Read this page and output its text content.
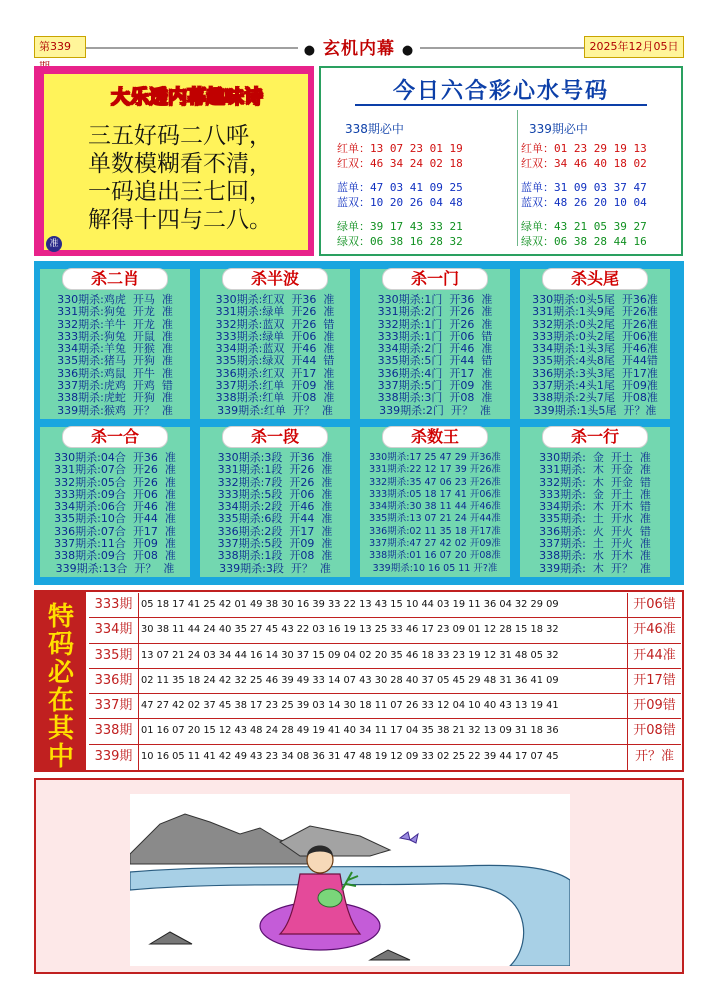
第339	● 玄机内幕 ●	2025年12月05日
大乐透内幕趣味诗
三五好码二八呼，
单数模糊看不清，
一码追出三七回，
解得十四与二八。
准
今日六合彩心水号码
338期必中
红单：13 07 23 01 19
红双：46 34 24 02 18
蓝单：47 03 41 09 25
蓝双：10 20 26 04 48
绿单：39 17 43 33 21
绿双：06 38 16 28 32
339期必中
红单：01 23 29 19 13
红双：34 46 40 18 02
蓝单：31 09 03 37 47
蓝双：48 26 20 10 04
绿单：43 21 05 39 27
绿双：06 38 28 44 16
杀二肖
330期杀:鸡虎  开马  准
331期杀:狗兔  开龙  准
332期杀:羊牛  开龙  准
333期杀:狗兔  开鼠  准
334期杀:羊兔  开猴  准
335期杀:猪马  开狗  准
336期杀:鸡鼠  开牛  准
337期杀:虎鸡  开鸡  错
338期杀:虎蛇  开狗  准
339期杀:猴鸡  开？  准
杀半波
330期杀:红双  开36  准
331期杀:绿单  开26  准
332期杀:蓝双  开26  错
333期杀:绿单  开06  准
334期杀:蓝双  开46  准
335期杀:绿双  开44  错
336期杀:红双  开17  准
337期杀:红单  开09  准
338期杀:红单  开08  准
339期杀:红单  开？  准
杀一门
330期杀:1门  开36  准
331期杀:2门  开26  准
332期杀:1门  开26  准
333期杀:1门  开06  错
334期杀:2门  开46  准
335期杀:5门  开44  错
336期杀:4门  开17  准
337期杀:5门  开09  准
338期杀:3门  开08  准
339期杀:2门  开？  准
杀头尾
330期杀:0头5尾  开36准
331期杀:1头9尾  开26准
332期杀:0头2尾  开26准
333期杀:0头2尾  开06准
334期杀:1头3尾  开46准
335期杀:4头8尾  开44错
336期杀:3头3尾  开17准
337期杀:4头1尾  开09准
338期杀:2头7尾  开08准
339期杀:1头5尾  开？准
杀一合
330期杀:04合  开36  准
331期杀:07合  开26  准
332期杀:05合  开26  准
333期杀:09合  开06  准
334期杀:06合  开46  准
335期杀:10合  开44  准
336期杀:07合  开17  准
337期杀:11合  开09  准
338期杀:09合  开08  准
339期杀:13合  开？  准
杀一段
330期杀:3段  开36  准
331期杀:1段  开26  准
332期杀:7段  开26  准
333期杀:5段  开06  准
334期杀:2段  开46  准
335期杀:6段  开44  准
336期杀:2段  开17  准
337期杀:5段  开09  准
338期杀:1段  开08  准
339期杀:3段  开？  准
杀数王
330期杀:17 25 47 29 开36准
331期杀:22 12 17 39 开26准
332期杀:35 47 06 23 开26准
333期杀:05 18 17 41 开06准
334期杀:30 38 11 44 开46准
335期杀:13 07 21 24 开44准
336期杀:02 11 35 18 开17准
337期杀:47 27 42 02 开09准
338期杀:01 16 07 20 开08准
339期杀:10 16 05 11 开?准
杀一行
330期杀:  金  开土  准
331期杀:  木  开金  准
332期杀:  木  开金  错
333期杀:  金  开土  准
334期杀:  木  开木  错
335期杀:  土  开水  准
336期杀:  火  开火  错
337期杀:  土  开火  准
338期杀:  水  开木  准
339期杀:  木  开？  准
特
码
必
在
其
中
333期 05 18 17 41 25 42 01 49 38 30 16 39 33 22 13 43 15 10 44 03 19 11 36 04 32 29 09	开06错
334期 30 38 11 44 24 40 35 27 45 43 22 03 16 19 13 25 33 46 17 23 09 01 12 28 15 18 32	开46准
335期 13 07 21 24 03 34 44 16 14 30 37 15 09 04 02 20 35 46 18 33 23 19 12 31 48 05 32	开44准
336期 02 11 35 18 24 42 32 25 46 39 49 33 14 07 43 30 28 40 37 05 45 29 48 31 36 41 09	开17错
337期 47 27 42 02 37 45 38 17 23 25 39 03 14 30 18 11 07 26 33 12 04 10 40 43 13 19 41	开09错
338期 01 16 07 20 15 12 43 48 24 28 49 19 41 40 34 11 17 04 35 38 21 32 13 09 31 18 36	开08错
339期 10 16 05 11 41 42 49 43 23 34 08 36 31 47 48 19 12 09 33 02 25 22 39 44 17 07 45	开？准
